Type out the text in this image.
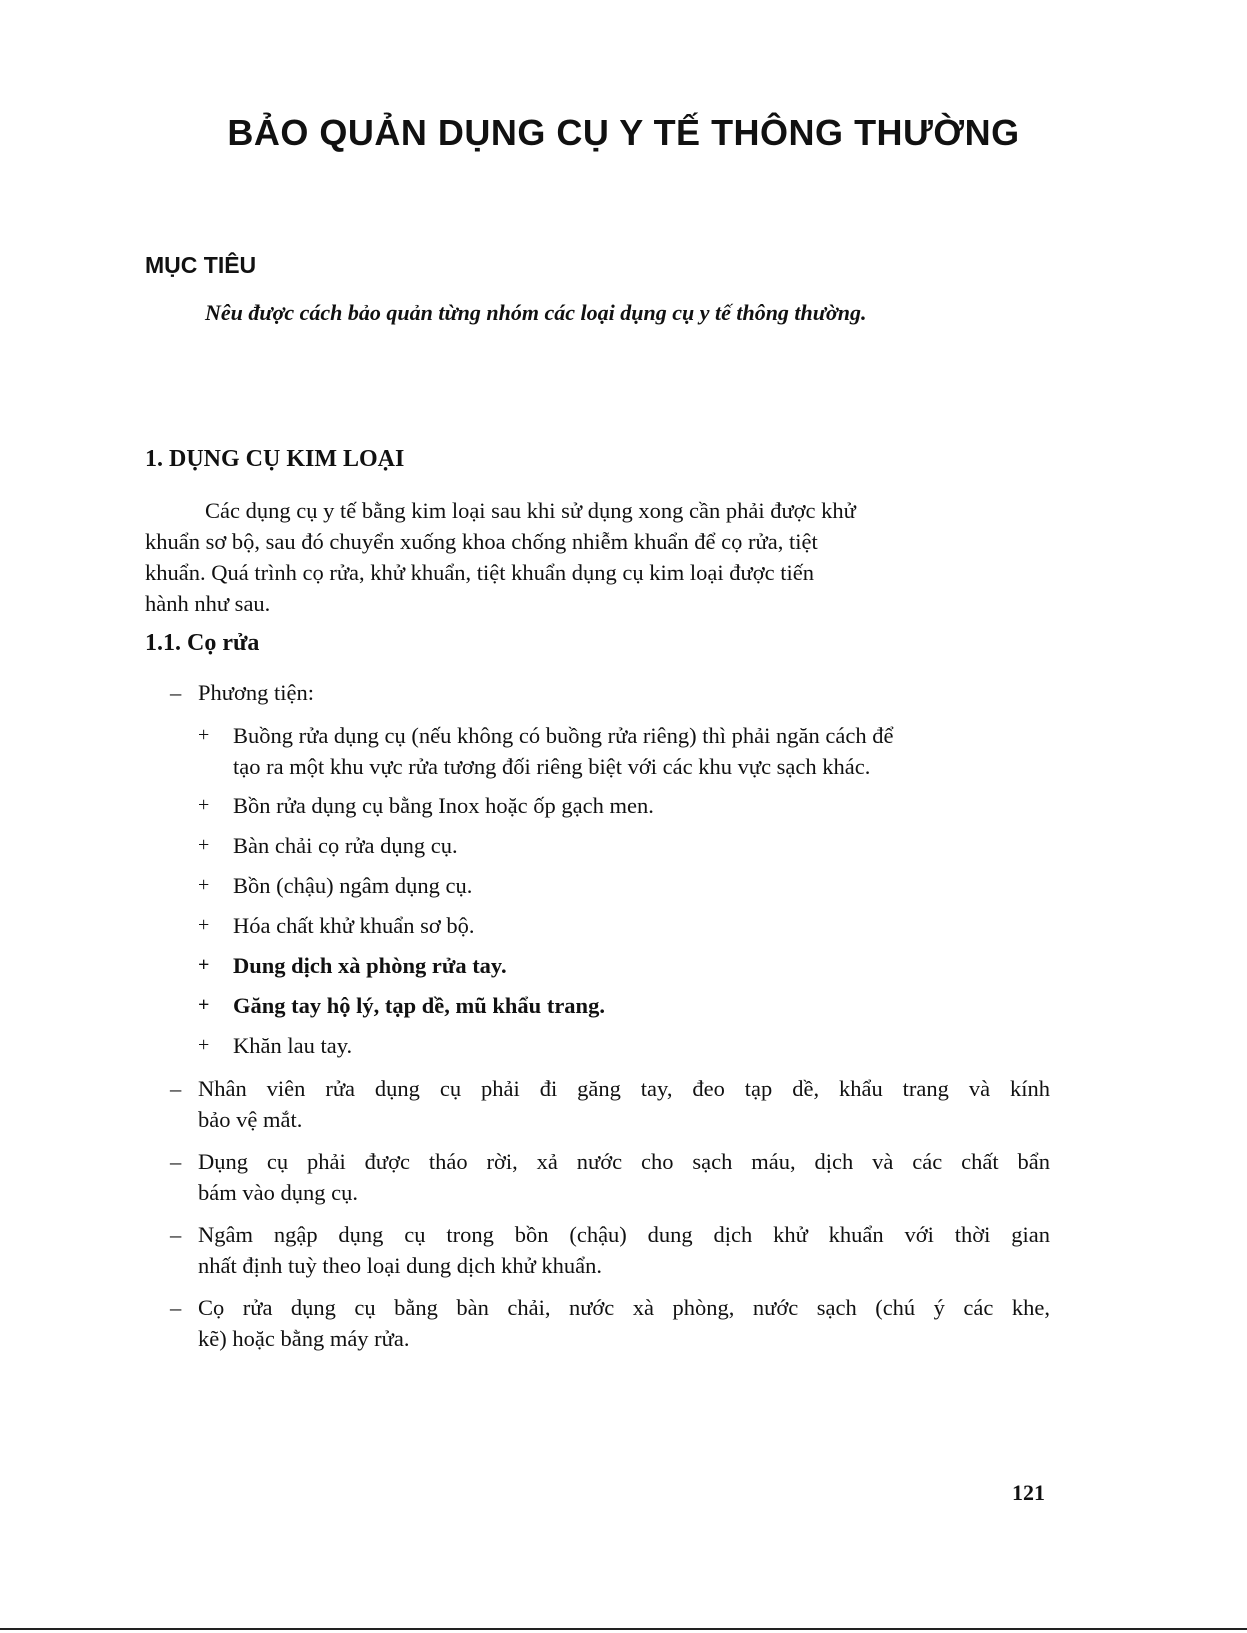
BẢO QUẢN DỤNG CỤ Y TẾ THÔNG THƯỜNG
MỤC TIÊU
Nêu được cách bảo quản từng nhóm các loại dụng cụ y tế thông thường.
1. DỤNG CỤ KIM LOẠI
Các dụng cụ y tế bằng kim loại sau khi sử dụng xong cần phải được khử
khuẩn sơ bộ, sau đó chuyển xuống khoa chống nhiễm khuẩn để cọ rửa, tiệt
khuẩn. Quá trình cọ rửa, khử khuẩn, tiệt khuẩn dụng cụ kim loại được tiến
hành như sau.
1.1. Cọ rửa
– Phương tiện:
+ Buồng rửa dụng cụ (nếu không có buồng rửa riêng) thì phải ngăn cách để
tạo ra một khu vực rửa tương đối riêng biệt với các khu vực sạch khác.
+ Bồn rửa dụng cụ bằng Inox hoặc ốp gạch men.
+ Bàn chải cọ rửa dụng cụ.
+ Bồn (chậu) ngâm dụng cụ.
+ Hóa chất khử khuẩn sơ bộ.
+ Dung dịch xà phòng rửa tay.
+ Găng tay hộ lý, tạp dề, mũ khẩu trang.
+ Khăn lau tay.
– Nhân viên rửa dụng cụ phải đi găng tay, đeo tạp dề, khẩu trang và kính
bảo vệ mắt.
– Dụng cụ phải được tháo rời, xả nước cho sạch máu, dịch và các chất bẩn
bám vào dụng cụ.
– Ngâm ngập dụng cụ trong bồn (chậu) dung dịch khử khuẩn với thời gian
nhất định tuỳ theo loại dung dịch khử khuẩn.
– Cọ rửa dụng cụ bằng bàn chải, nước xà phòng, nước sạch (chú ý các khe,
kẽ) hoặc bằng máy rửa.
121
